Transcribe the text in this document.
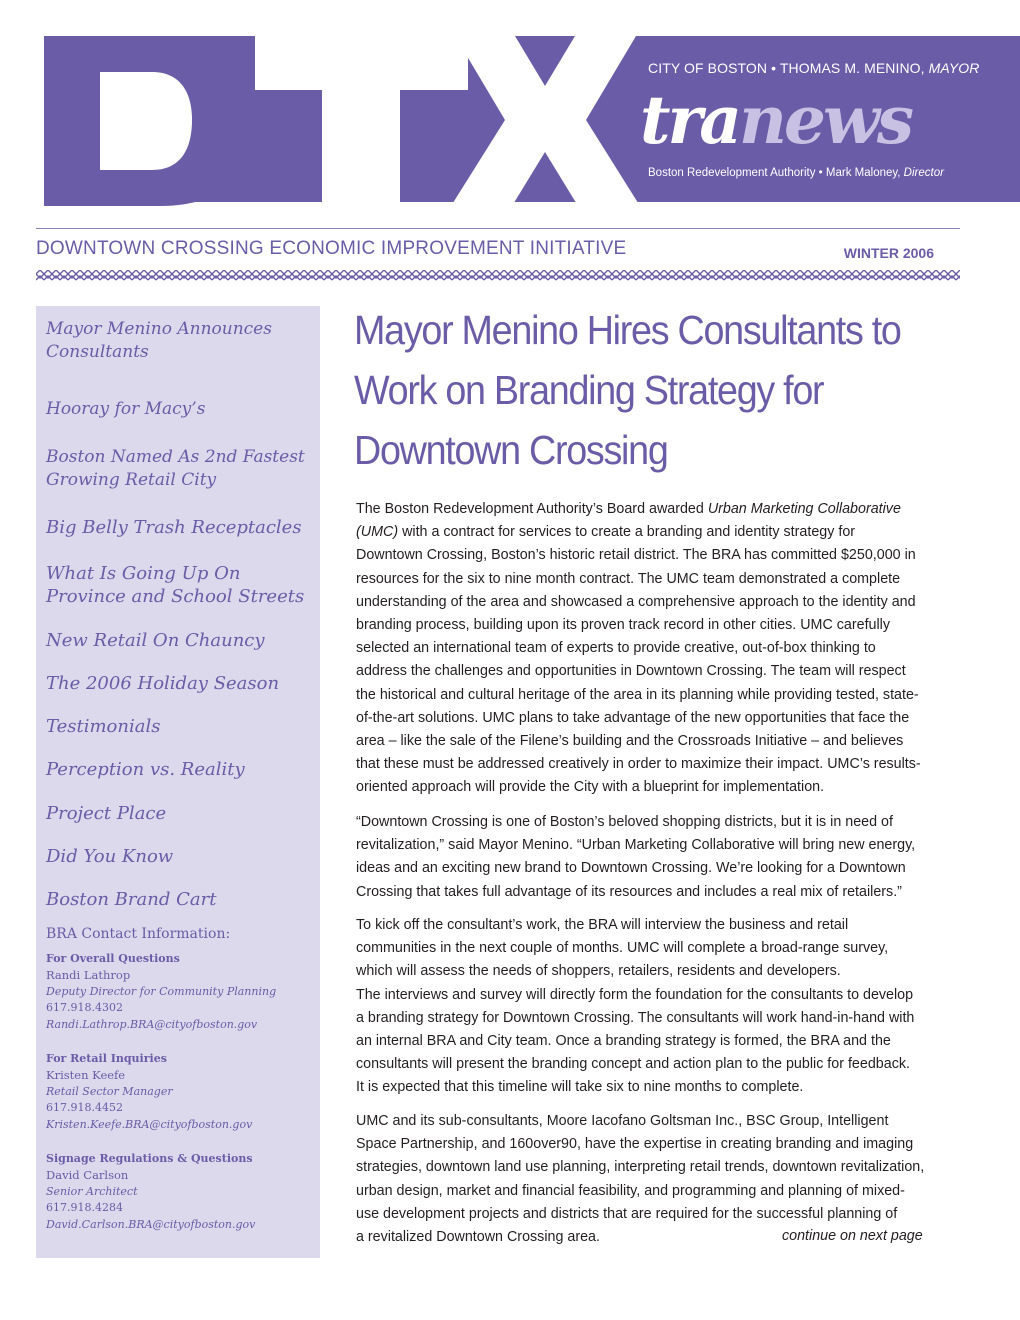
CITY OF BOSTON • THOMAS M. MENINO, MAYOR
tranews
Boston Redevelopment Authority • Mark Maloney, Director
DOWNTOWN CROSSING ECONOMIC IMPROVEMENT INITIATIVE	WINTER 2006
Mayor Menino Announces Consultants
Hooray for Macy’s
Boston Named As 2nd Fastest Growing Retail City
Big Belly Trash Receptacles
What Is Going Up On Province and School Streets
New Retail On Chauncy
The 2006 Holiday Season
Testimonials
Perception vs. Reality
Project Place
Did You Know
Boston Brand Cart
BRA Contact Information:
For Overall Questions
Randi Lathrop
Deputy Director for Community Planning
617.918.4302
Randi.Lathrop.BRA@cityofboston.gov
For Retail Inquiries
Kristen Keefe
Retail Sector Manager
617.918.4452
Kristen.Keefe.BRA@cityofboston.gov
Signage Regulations & Questions
David Carlson
Senior Architect
617.918.4284
David.Carlson.BRA@cityofboston.gov
Mayor Menino Hires Consultants to
Work on Branding Strategy for
Downtown Crossing
The Boston Redevelopment Authority’s Board awarded Urban Marketing Collaborative
(UMC) with a contract for services to create a branding and identity strategy for
Downtown Crossing, Boston’s historic retail district. The BRA has committed $250,000 in
resources for the six to nine month contract. The UMC team demonstrated a complete
understanding of the area and showcased a comprehensive approach to the identity and
branding process, building upon its proven track record in other cities. UMC carefully
selected an international team of experts to provide creative, out-of-box thinking to
address the challenges and opportunities in Downtown Crossing. The team will respect
the historical and cultural heritage of the area in its planning while providing tested, state-
of-the-art solutions. UMC plans to take advantage of the new opportunities that face the
area – like the sale of the Filene’s building and the Crossroads Initiative – and believes
that these must be addressed creatively in order to maximize their impact. UMC’s results-
oriented approach will provide the City with a blueprint for implementation.
“Downtown Crossing is one of Boston’s beloved shopping districts, but it is in need of
revitalization,” said Mayor Menino. “Urban Marketing Collaborative will bring new energy,
ideas and an exciting new brand to Downtown Crossing. We’re looking for a Downtown
Crossing that takes full advantage of its resources and includes a real mix of retailers.”
To kick off the consultant’s work, the BRA will interview the business and retail
communities in the next couple of months. UMC will complete a broad-range survey,
which will assess the needs of shoppers, retailers, residents and developers.
The interviews and survey will directly form the foundation for the consultants to develop
a branding strategy for Downtown Crossing. The consultants will work hand-in-hand with
an internal BRA and City team. Once a branding strategy is formed, the BRA and the
consultants will present the branding concept and action plan to the public for feedback.
It is expected that this timeline will take six to nine months to complete.
UMC and its sub-consultants, Moore Iacofano Goltsman Inc., BSC Group, Intelligent
Space Partnership, and 160over90, have the expertise in creating branding and imaging
strategies, downtown land use planning, interpreting retail trends, downtown revitalization,
urban design, market and financial feasibility, and programming and planning of mixed-
use development projects and districts that are required for the successful planning of
a revitalized Downtown Crossing area.	continue on next page
